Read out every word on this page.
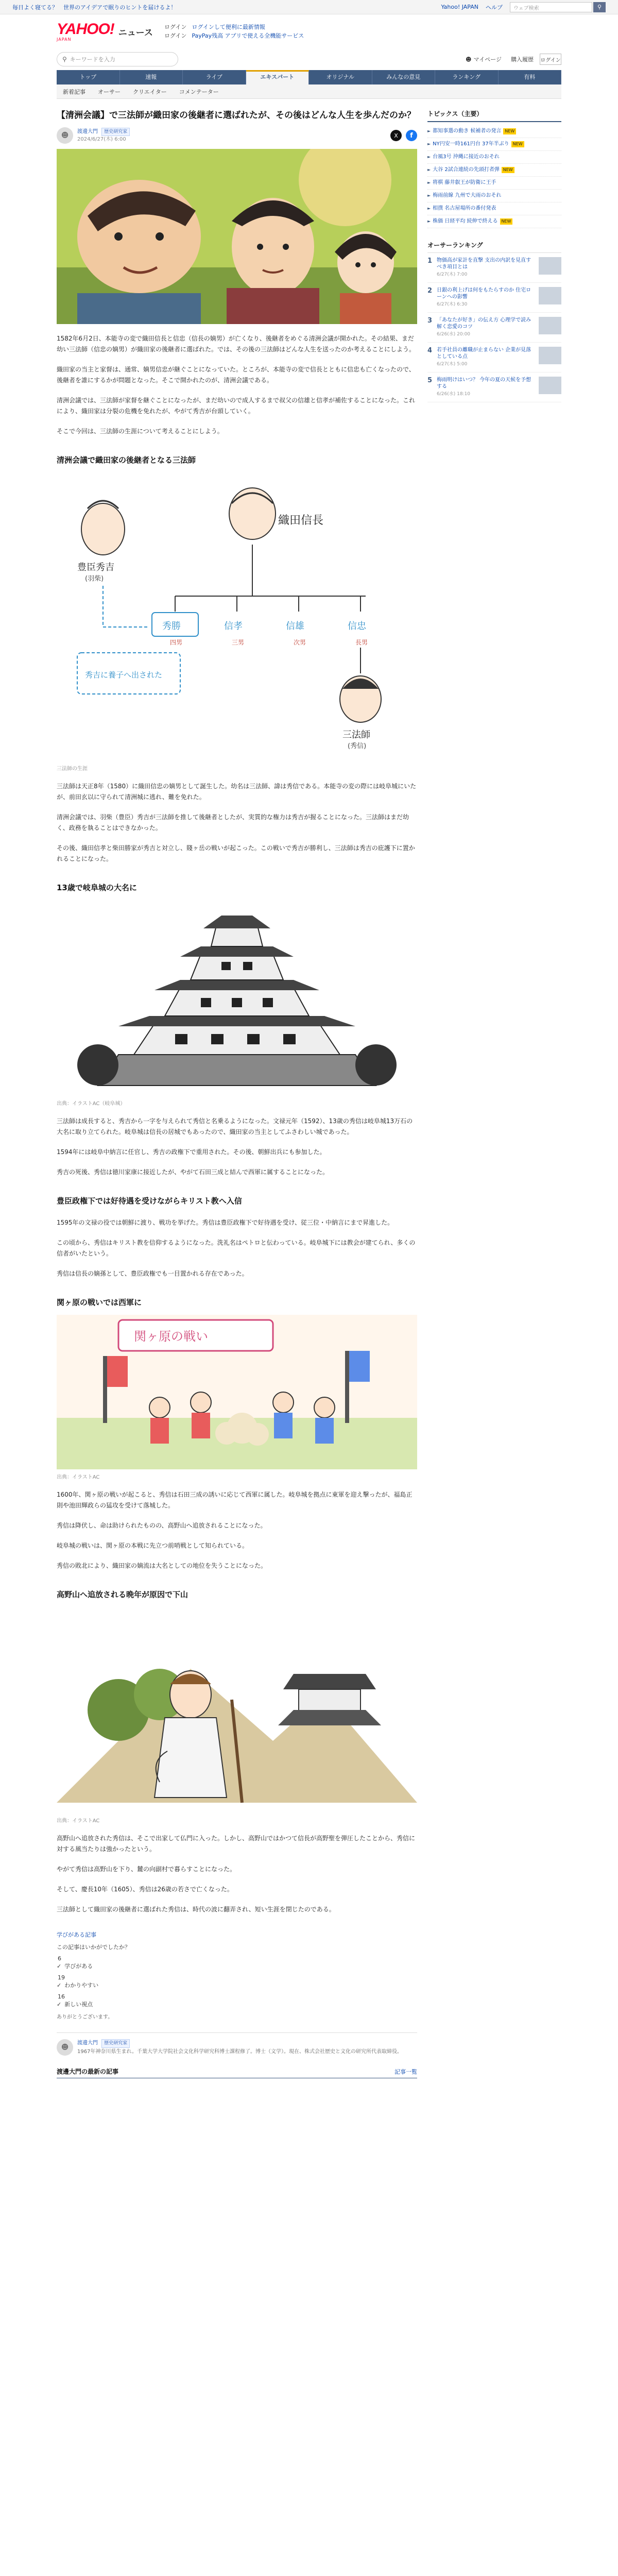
毎日よく寝てる？　世界のアイデアで眠りのヒントを届けるよ！	Yahoo! JAPAN ヘルプ	ウェブ検索	⚲
YAHOO!
JAPAN
ニュース
ログイン ログインして便利に最新情報
ログイン PayPay残高 アプリで使える全機能サービス
⚲ キーワードを入力	☻ マイページ 購入履歴 ログイン
トップ	速報	ライブ	エキスパート	オリジナル	みんなの意見	ランキング	有料
新着記事	オーサー	クリエイター	コメンテーター
【清洲会議】で三法師が織田家の後継者に選ばれたが、その後はどんな人生を歩んだのか？
☻	渡邊大門 歴史研究家
2024/6/27(木) 6:00
X	f

1582年6月2日、本能寺の変で織田信長と信忠（信長の嫡男）が亡くなり、後継者をめぐる清洲会議が開かれた。その結果、まだ幼い三法師（信忠の嫡男）が織田家の後継者に選ばれた。では、その後の三法師はどんな人生を送ったのか考えることにしよう。

織田家の当主と家督は、通常、嫡男信忠が継ぐことになっていた。ところが、本能寺の変で信長とともに信忠も亡くなったので、後継者を誰にするかが問題となった。そこで開かれたのが、清洲会議である。

清洲会議では、三法師が家督を継ぐことになったが、まだ幼いので成人するまで叔父の信雄と信孝が補佐することになった。これにより、織田家は分裂の危機を免れたが、やがて秀吉が台頭していく。

そこで今回は、三法師の生涯について考えることにしよう。

清洲会議で織田家の後継者となる三法師
織田信長
豊臣秀吉
(羽柴)
秀勝	信孝	信雄	信忠
四男	三男	次男	長男
秀吉に養子へ出された
三法師
(秀信)

三法師の生涯

三法師は天正8年（1580）に織田信忠の嫡男として誕生した。幼名は三法師、諱は秀信である。本能寺の変の際には岐阜城にいたが、前田玄以に守られて清洲城に逃れ、難を免れた。

清洲会議では、羽柴（豊臣）秀吉が三法師を推して後継者としたが、実質的な権力は秀吉が握ることになった。三法師はまだ幼く、政務を執ることはできなかった。

その後、織田信孝と柴田勝家が秀吉と対立し、賤ヶ岳の戦いが起こった。この戦いで秀吉が勝利し、三法師は秀吉の庇護下に置かれることになった。

13歳で岐阜城の大名に

出典：イラストAC（岐阜城）

三法師は成長すると、秀吉から一字を与えられて秀信と名乗るようになった。文禄元年（1592）、13歳の秀信は岐阜城13万石の大名に取り立てられた。岐阜城は信長の居城でもあったので、織田家の当主としてふさわしい城であった。

1594年には岐阜中納言に任官し、秀吉の政権下で重用された。その後、朝鮮出兵にも参加した。

秀吉の死後、秀信は徳川家康に接近したが、やがて石田三成と結んで西軍に属することになった。

豊臣政権下では好待遇を受けながらキリスト教へ入信

1595年の文禄の役では朝鮮に渡り、戦功を挙げた。秀信は豊臣政権下で好待遇を受け、従三位・中納言にまで昇進した。

この頃から、秀信はキリスト教を信仰するようになった。洗礼名はペトロと伝わっている。岐阜城下には教会が建てられ、多くの信者がいたという。

秀信は信長の嫡孫として、豊臣政権でも一目置かれる存在であった。

関ヶ原の戦いでは西軍に
関ヶ原の戦い

出典：イラストAC

1600年、関ヶ原の戦いが起こると、秀信は石田三成の誘いに応じて西軍に属した。岐阜城を拠点に東軍を迎え撃ったが、福島正則や池田輝政らの猛攻を受けて落城した。

秀信は降伏し、命は助けられたものの、高野山へ追放されることになった。

岐阜城の戦いは、関ヶ原の本戦に先立つ前哨戦として知られている。

秀信の敗北により、織田家の嫡流は大名としての地位を失うことになった。

高野山へ追放される晩年が原因で下山

出典：イラストAC

高野山へ追放された秀信は、そこで出家して仏門に入った。しかし、高野山ではかつて信長が高野聖を弾圧したことから、秀信に対する風当たりは強かったという。

やがて秀信は高野山を下り、麓の向副村で暮らすことになった。

そして、慶長10年（1605）、秀信は26歳の若さで亡くなった。

三法師として織田家の後継者に選ばれた秀信は、時代の波に翻弄され、短い生涯を閉じたのである。

学びがある記事

この記事はいかがでしたか？

6
✓ 学びがある
19
✓ わかりやすい
16
✓ 新しい視点

ありがとうございます。

☻
渡邊大門 歴史研究家
1967年神奈川県生まれ。千葉大学大学院社会文化科学研究科博士課程修了。博士（文学）。現在、株式会社歴史と文化の研究所代表取締役。
渡邊大門の最新の記事	記事一覧
トピックス（主要）
► 都知事選の動き 候補者の発言 NEW
► NY円安一時161円台 37年半ぶり NEW
► 台風3号 沖縄に接近のおそれ
► 大谷 2試合連続の先頭打者弾 NEW
► 将棋 藤井叡王が防衛に王手
► 梅雨前線 九州で大雨のおそれ
► 相撲 名古屋場所の番付発表
► 株価 日経平均 続伸で終える NEW
オーサーランキング
1 物価高が家計を直撃 支出の内訳を見直すべき項目とは
6/27(木) 7:00
2 日銀の利上げは何をもたらすのか 住宅ローンへの影響
6/27(木) 6:30
3 「あなたが好き」の伝え方 心理学で読み解く恋愛のコツ
6/26(水) 20:00
4 若手社員の離職が止まらない 企業が見落としている点
6/27(木) 5:00
5 梅雨明けはいつ？ 今年の夏の天候を予想する
6/26(水) 18:10
